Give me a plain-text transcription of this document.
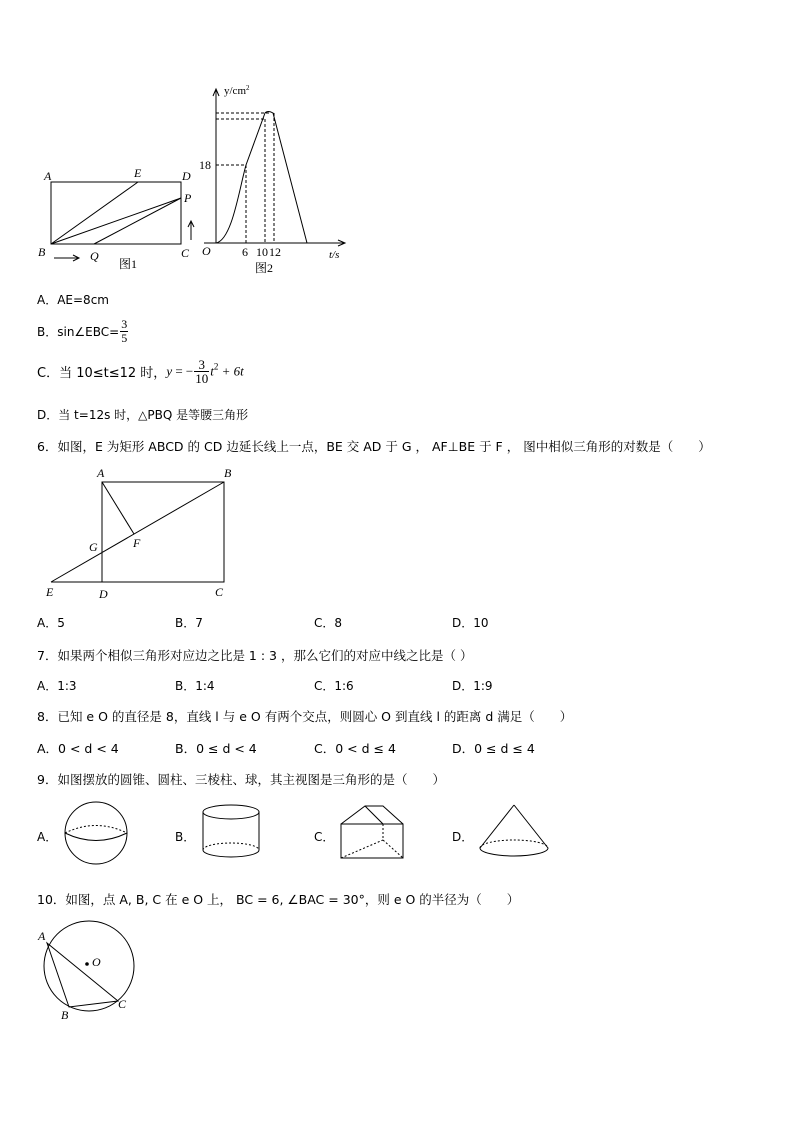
A	E	D
P
B	Q	C
图1
$y/cm^2$
t/s
O
18
6 10 12
图2
A．AE=8cm
B．sin∠EBC= $\frac{3}{5}$
C．当 10≤t≤12 时，y = − $\frac{3}{10} t^2 + 6t$
D．当 t=12s 时，△PBQ 是等腰三角形
6．如图，E 为矩形 ABCD 的 CD 边延长线上一点，BE 交 AD 于 G ， AF⊥BE 于 F ， 图中相似三角形的对数是（　　）
A	B
G	F
E	D	C
A．5	B．7	C．8	D．10
7．如果两个相似三角形对应边之比是 1 : 3 ，那么它们的对应中线之比是（ ）
A．1:3	B．1:4	C．1:6	D．1:9
8．已知 e O 的直径是 8，直线 l 与 e O 有两个交点，则圆心 O 到直线 l 的距离 d 满足（　　）
A．0 < d < 4	B．0 ≤ d < 4	C．0 < d ≤ 4	D．0 ≤ d ≤ 4
9．如图摆放的圆锥、圆柱、三棱柱、球，其主视图是三角形的是（　　）
A．	B．	C．	D．
10．如图，点 A, B, C 在 e O 上， BC = 6, ∠BAC = 30°，则 e O 的半径为（　　）
A
O
B
C
